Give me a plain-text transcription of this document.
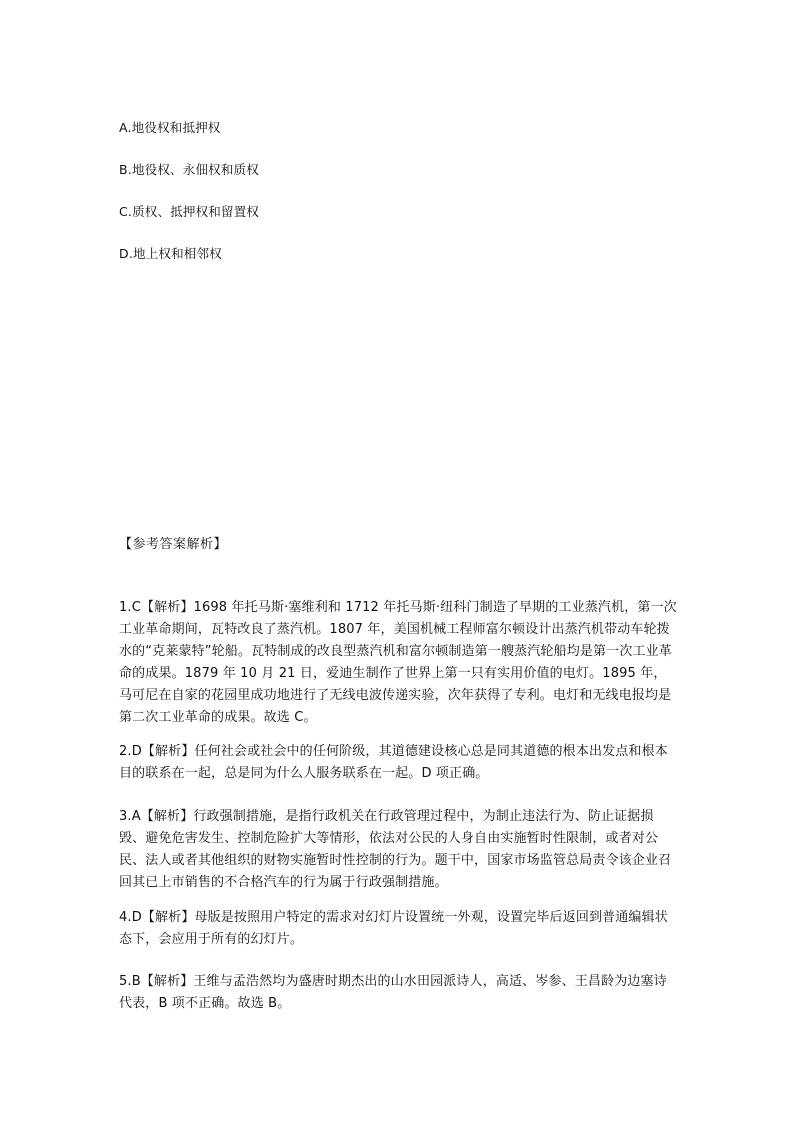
A.地役权和抵押权
B.地役权、永佃权和质权
C.质权、抵押权和留置权
D.地上权和相邻权
【参考答案解析】
1.C【解析】1698 年托马斯·塞维利和 1712 年托马斯·纽科门制造了早期的工业蒸汽机，第一次工业革命期间，瓦特改良了蒸汽机。1807 年，美国机械工程师富尔顿设计出蒸汽机带动车轮拨水的“克莱蒙特”轮船。瓦特制成的改良型蒸汽机和富尔顿制造第一艘蒸汽轮船均是第一次工业革命的成果。1879 年 10 月 21 日，爱迪生制作了世界上第一只有实用价值的电灯。1895 年，马可尼在自家的花园里成功地进行了无线电波传递实验，次年获得了专利。电灯和无线电报均是第二次工业革命的成果。故选 C。
2.D【解析】任何社会或社会中的任何阶级，其道德建设核心总是同其道德的根本出发点和根本目的联系在一起，总是同为什么人服务联系在一起。D 项正确。
3.A【解析】行政强制措施，是指行政机关在行政管理过程中，为制止违法行为、防止证据损毁、避免危害发生、控制危险扩大等情形，依法对公民的人身自由实施暂时性限制，或者对公民、法人或者其他组织的财物实施暂时性控制的行为。题干中，国家市场监管总局责令该企业召回其已上市销售的不合格汽车的行为属于行政强制措施。
4.D【解析】母版是按照用户特定的需求对幻灯片设置统一外观，设置完毕后返回到普通编辑状态下，会应用于所有的幻灯片。
5.B【解析】王维与孟浩然均为盛唐时期杰出的山水田园派诗人，高适、岑参、王昌龄为边塞诗代表，B 项不正确。故选 B。
